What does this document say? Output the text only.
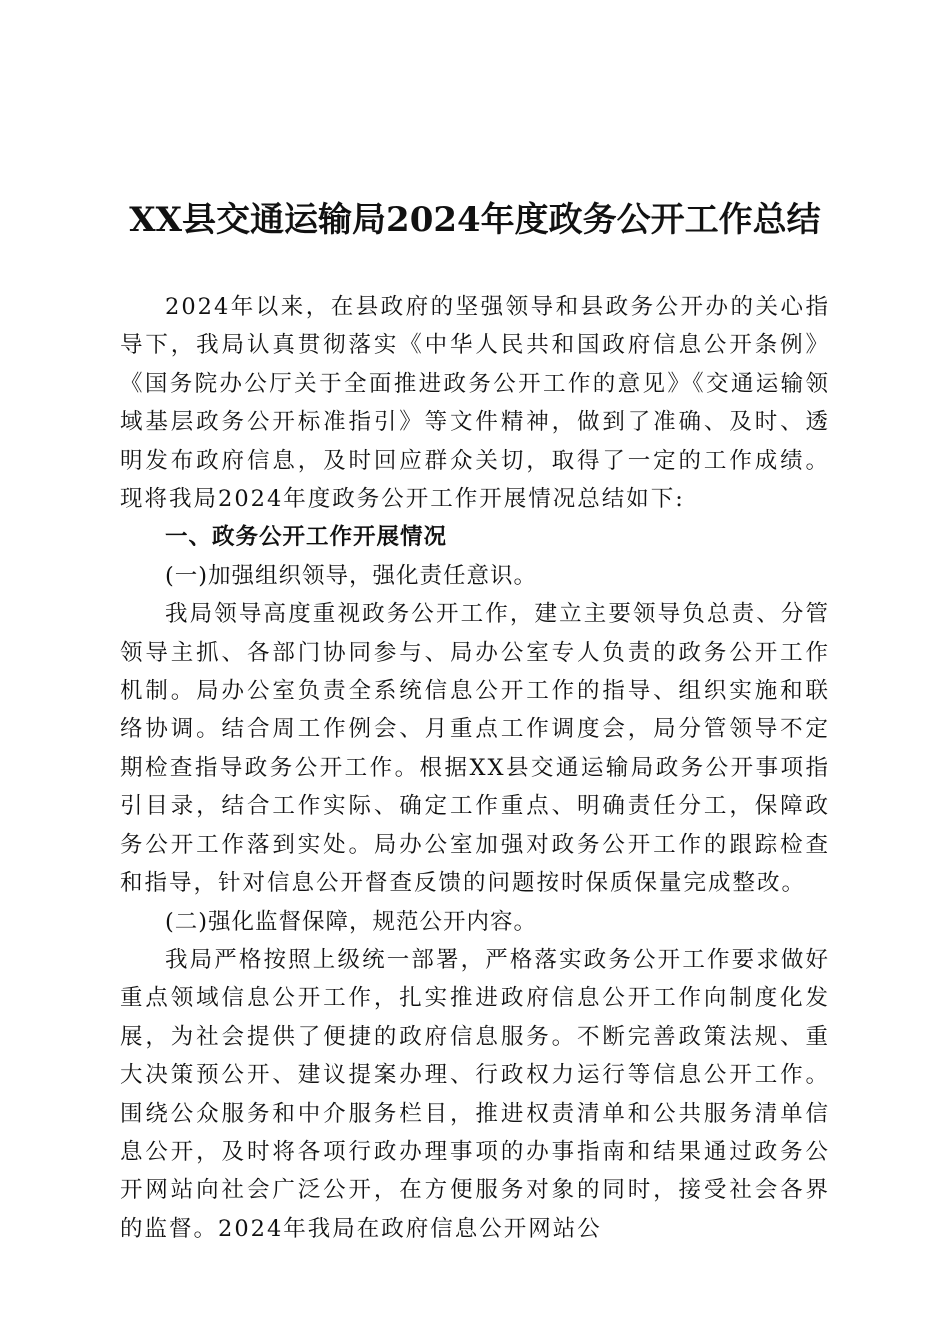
XX县交通运输局2024年度政务公开工作总结

2024年以来，在县政府的坚强领导和县政务公开办的关心指导下，我局认真贯彻落实《中华人民共和国政府信息公开条例》《国务院办公厅关于全面推进政务公开工作的意见》《交通运输领域基层政务公开标准指引》等文件精神，做到了准确、及时、透明发布政府信息，及时回应群众关切，取得了一定的工作成绩。现将我局2024年度政务公开工作开展情况总结如下:

一、政务公开工作开展情况

(一)加强组织领导，强化责任意识。

我局领导高度重视政务公开工作，建立主要领导负总责、分管领导主抓、各部门协同参与、局办公室专人负责的政务公开工作机制。局办公室负责全系统信息公开工作的指导、组织实施和联络协调。结合周工作例会、月重点工作调度会，局分管领导不定期检查指导政务公开工作。根据XX县交通运输局政务公开事项指引目录，结合工作实际、确定工作重点、明确责任分工，保障政务公开工作落到实处。局办公室加强对政务公开工作的跟踪检查和指导，针对信息公开督查反馈的问题按时保质保量完成整改。

(二)强化监督保障，规范公开内容。

我局严格按照上级统一部署，严格落实政务公开工作要求做好重点领域信息公开工作，扎实推进政府信息公开工作向制度化发展，为社会提供了便捷的政府信息服务。不断完善政策法规、重大决策预公开、建议提案办理、行政权力运行等信息公开工作。围绕公众服务和中介服务栏目，推进权责清单和公共服务清单信息公开，及时将各项行政办理事项的办事指南和结果通过政务公开网站向社会广泛公开，在方便服务对象的同时，接受社会各界的监督。2024年我局在政府信息公开网站公
